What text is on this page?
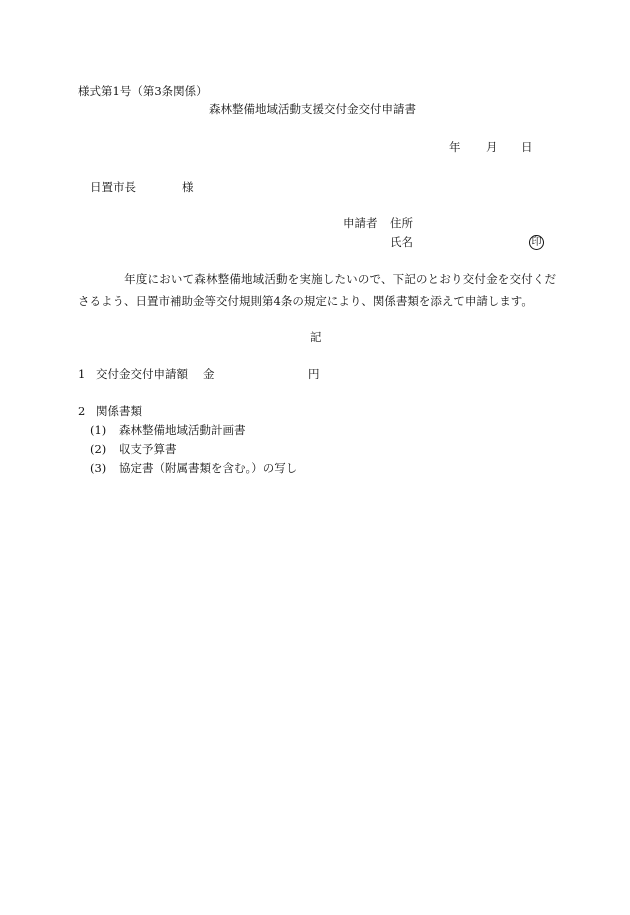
様式第1号（第3条関係）
森林整備地域活動支援交付金交付申請書
年 月 日
日置市長	様
申請者 住所
氏名	印
年度において森林整備地域活動を実施したいので、下記のとおり交付金を交付くださるよう、日置市補助金等交付規則第4条の規定により、関係書類を添えて申請します。
記
1 交付金交付申請額 金	円
2 関係書類
(1) 森林整備地域活動計画書
(2) 収支予算書
(3) 協定書（附属書類を含む。）の写し
